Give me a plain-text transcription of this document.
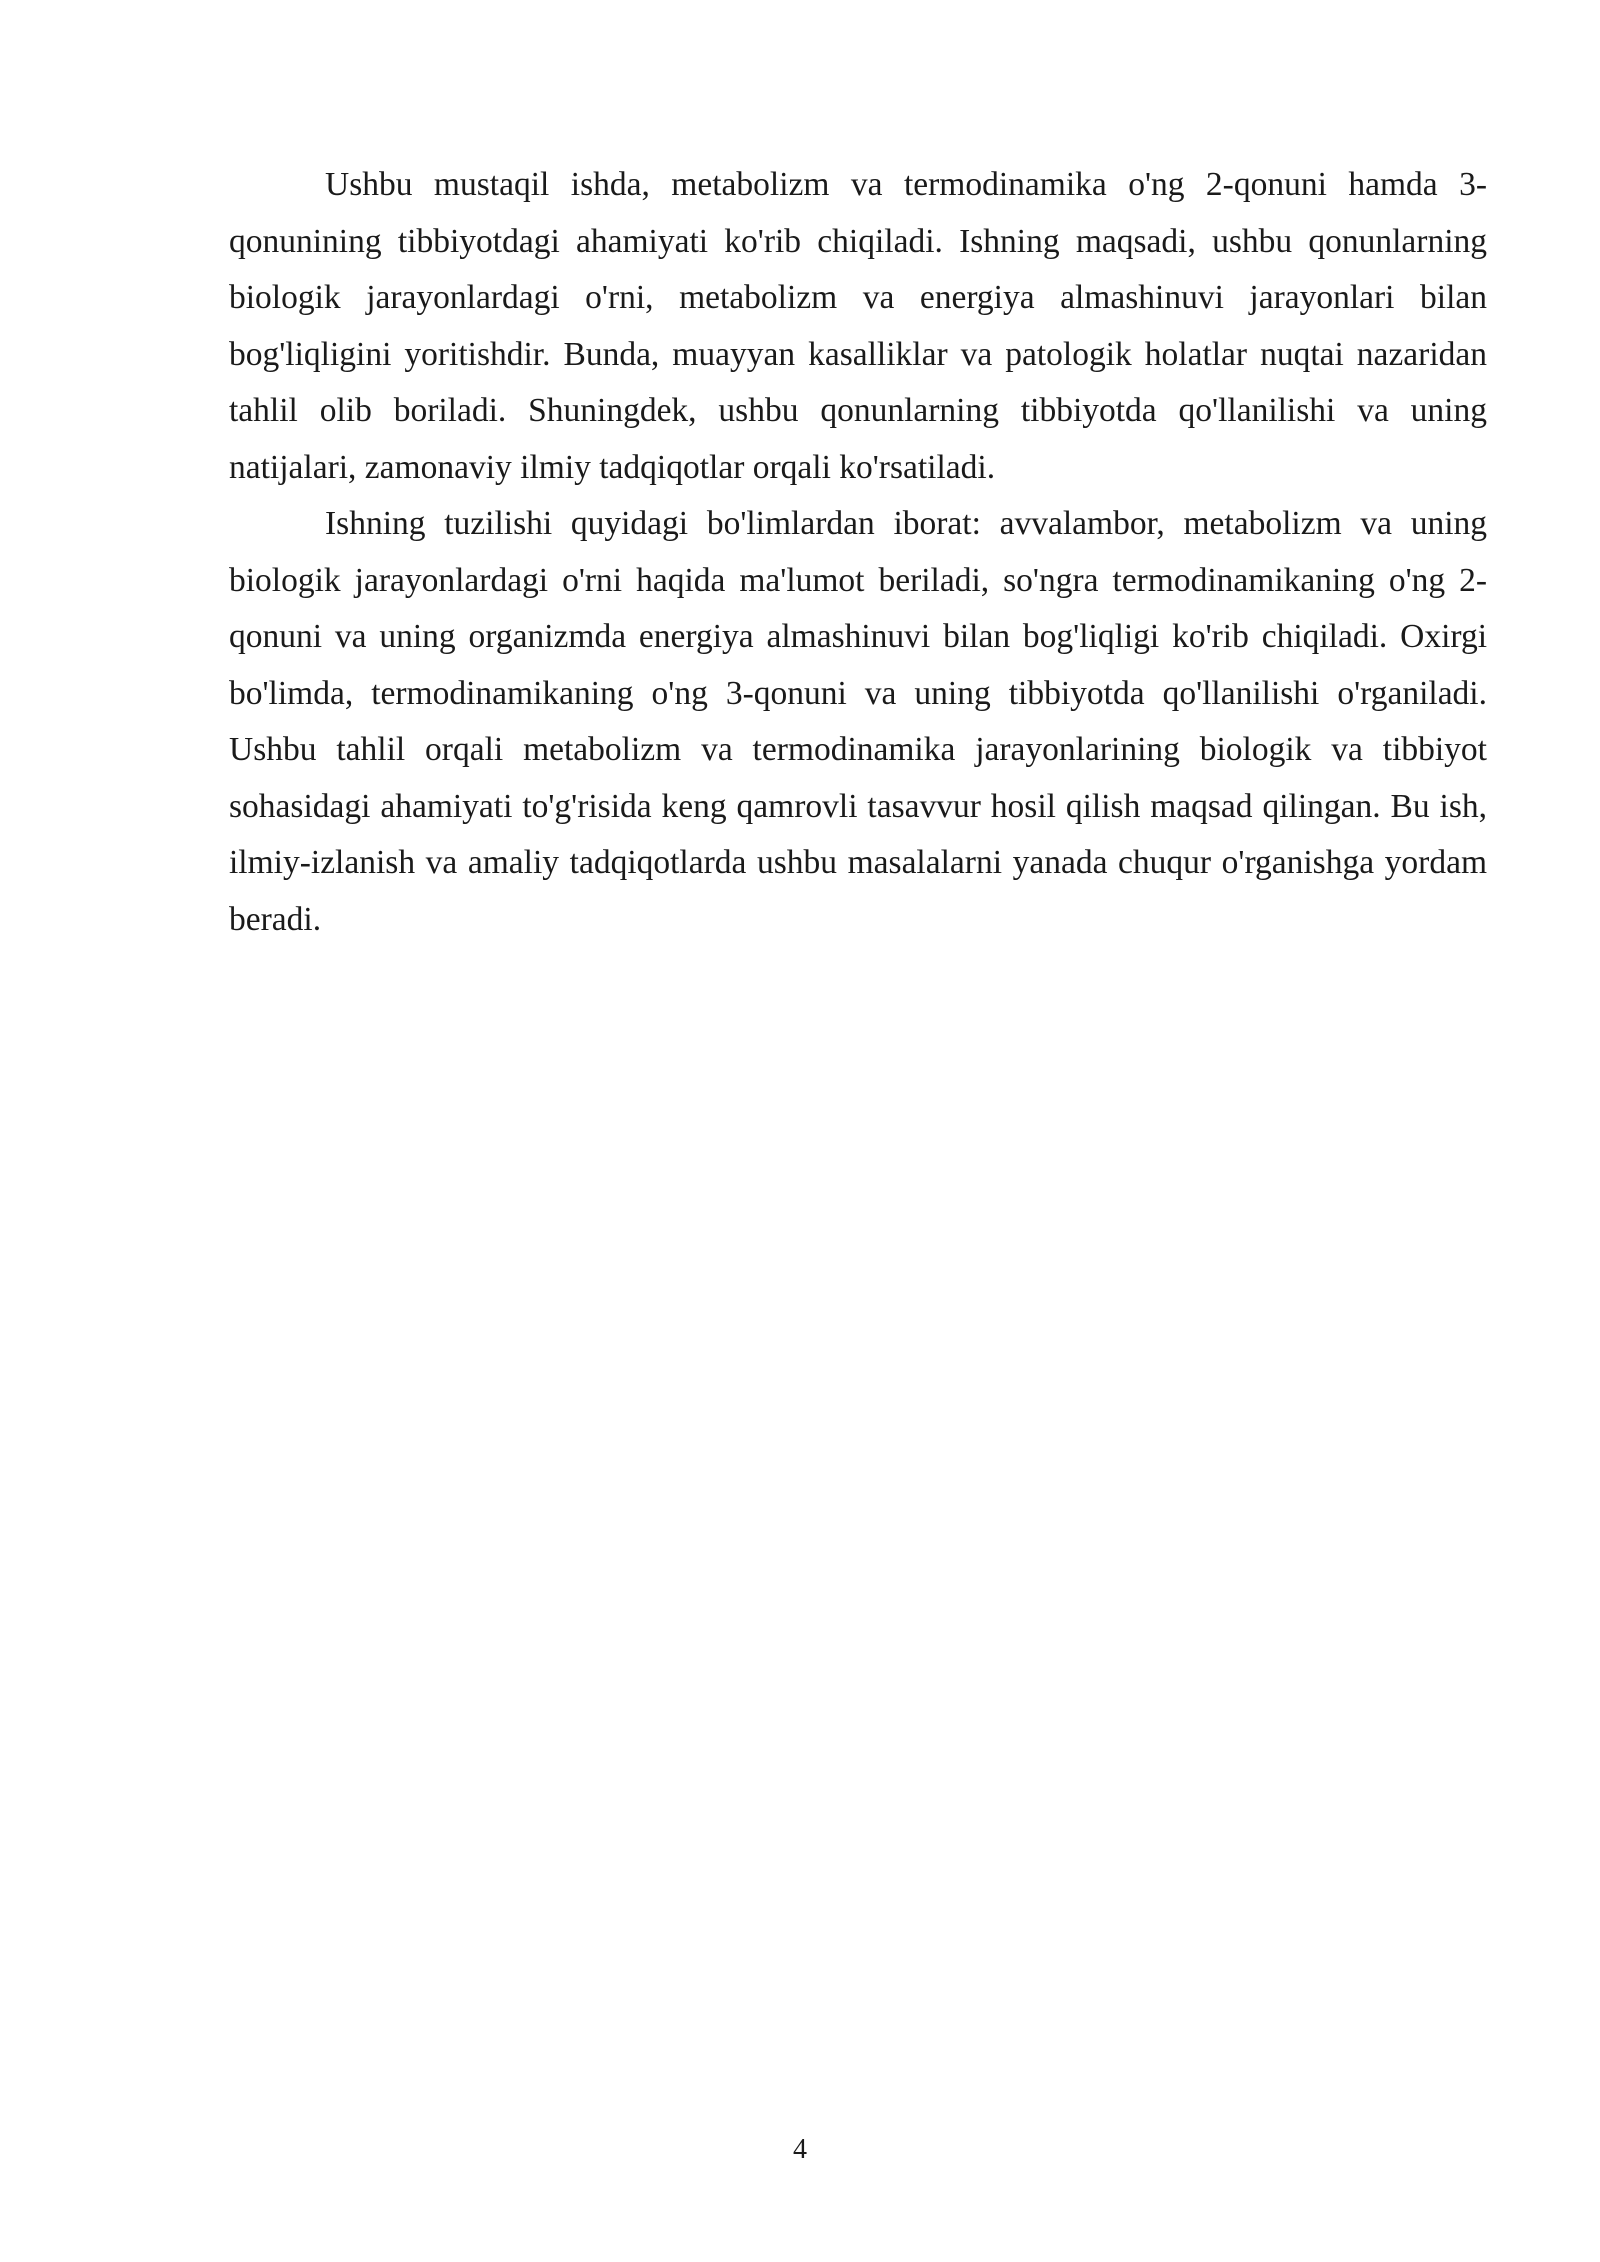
Ushbu mustaqil ishda, metabolizm va termodinamika o'ng 2-qonuni hamda 3-qonunining tibbiyotdagi ahamiyati ko'rib chiqiladi. Ishning maqsadi, ushbu qonunlarning biologik jarayonlardagi o'rni, metabolizm va energiya almashinuvi jarayonlari bilan bog'liqligini yoritishdir. Bunda, muayyan kasalliklar va patologik holatlar nuqtai nazaridan tahlil olib boriladi. Shuningdek, ushbu qonunlarning tibbiyotda qo'llanilishi va uning natijalari, zamonaviy ilmiy tadqiqotlar orqali ko'rsatiladi.

Ishning tuzilishi quyidagi bo'limlardan iborat: avvalambor, metabolizm va uning biologik jarayonlardagi o'rni haqida ma'lumot beriladi, so'ngra termodinamikaning o'ng 2-qonuni va uning organizmda energiya almashinuvi bilan bog'liqligi ko'rib chiqiladi. Oxirgi bo'limda, termodinamikaning o'ng 3-qonuni va uning tibbiyotda qo'llanilishi o'rganiladi. Ushbu tahlil orqali metabolizm va termodinamika jarayonlarining biologik va tibbiyot sohasidagi ahamiyati to'g'risida keng qamrovli tasavvur hosil qilish maqsad qilingan. Bu ish, ilmiy-izlanish va amaliy tadqiqotlarda ushbu masalalarni yanada chuqur o'rganishga yordam beradi.

4
